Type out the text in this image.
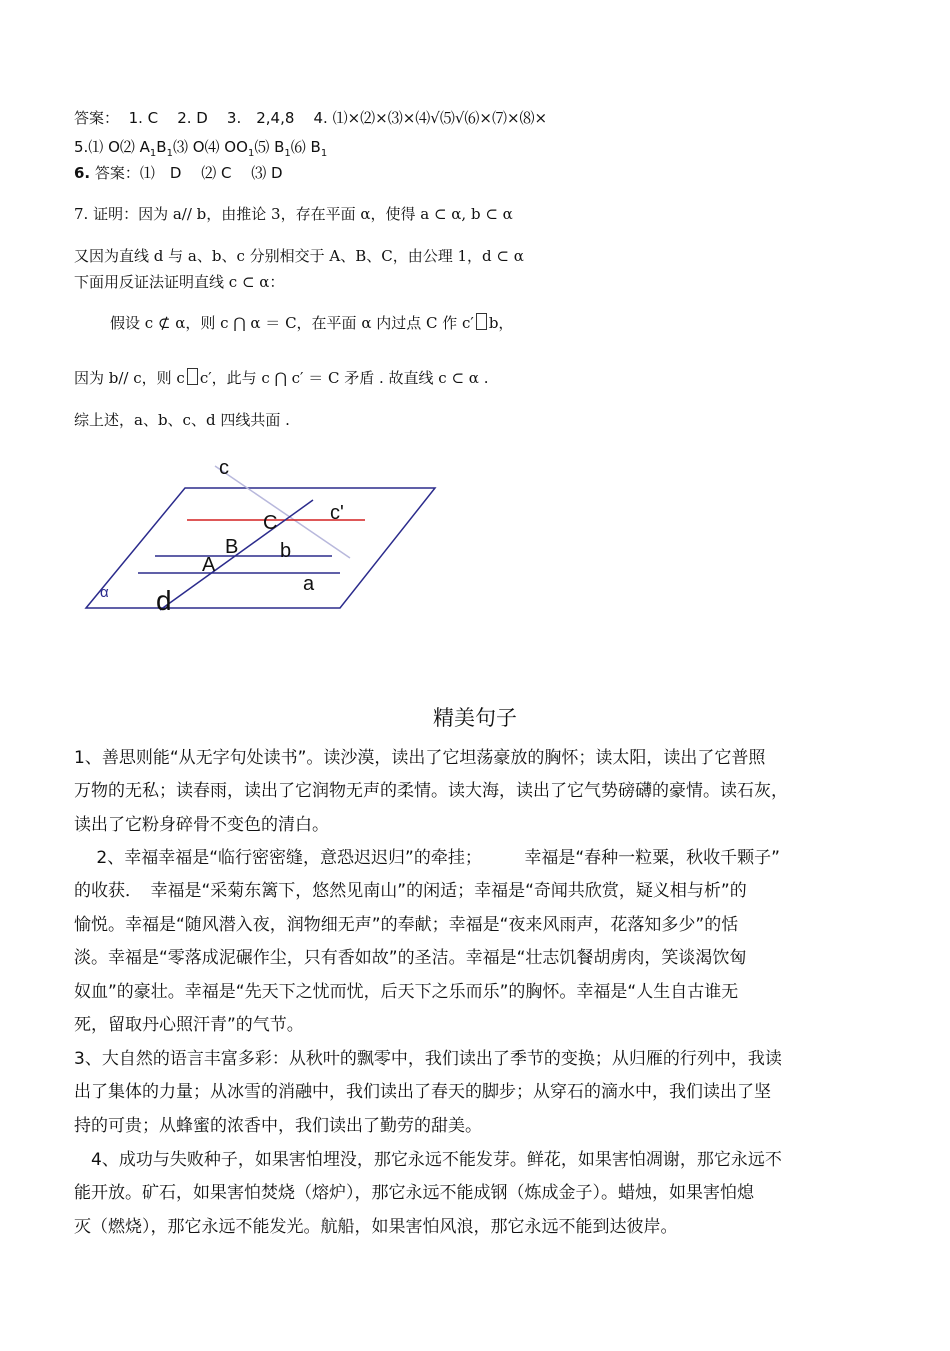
答案： 1. C 2. D 3.　2,4,8 4. ⑴×⑵×⑶×⑷√⑸√⑹×⑺×⑻×
5.⑴ O⑵ $A_1B_1⑶$ O⑷ $OO_1⑸$ $B_1⑹$ $B_1$
6. 答案：⑴　D　 ⑵ C　 ⑶ D
7. 证明：因为 a// b，由推论 3，存在平面 α，使得 a ⊂ α, b ⊂ α
又因为直线 d 与 a、b、c 分别相交于 A、B、C，由公理 1，d ⊂ α
下面用反证法证明直线 c ⊂ α：
假设 c ⊄ α，则 c ⋂ α ＝ C，在平面 α 内过点 C 作 c′ b，
因为 b// c，则 c c′，此与 c ⋂ c′ ＝ C 矛盾 . 故直线 c ⊂ α .
综上述，a、b、c、d 四线共面 .
c
c'
C
B b
A
a
α d
精美句子
1、善思则能“从无字句处读书”。读沙漠，读出了它坦荡豪放的胸怀；读太阳，读出了它普照
万物的无私；读春雨，读出了它润物无声的柔情。读大海，读出了它气势磅礴的豪情。读石灰，
读出了它粉身碎骨不变色的清白。
　 2、幸福幸福是“临行密密缝，意恐迟迟归”的牵挂；　　　幸福是“春种一粒粟，秋收千颗子”
的收获．　幸福是“采菊东篱下，悠然见南山”的闲适；幸福是“奇闻共欣赏，疑义相与析”的
愉悦。幸福是“随风潜入夜，润物细无声”的奉献；幸福是“夜来风雨声，花落知多少”的恬
淡。幸福是“零落成泥碾作尘，只有香如故”的圣洁。幸福是“壮志饥餐胡虏肉，笑谈渴饮匈
奴血”的豪壮。幸福是“先天下之忧而忧，后天下之乐而乐”的胸怀。幸福是“人生自古谁无
死，留取丹心照汗青”的气节。
3、大自然的语言丰富多彩：从秋叶的飘零中，我们读出了季节的变换；从归雁的行列中，我读
出了集体的力量；从冰雪的消融中，我们读出了春天的脚步；从穿石的滴水中，我们读出了坚
持的可贵；从蜂蜜的浓香中，我们读出了勤劳的甜美。
　4、成功与失败种子，如果害怕埋没，那它永远不能发芽。鲜花，如果害怕凋谢，那它永远不
能开放。矿石，如果害怕焚烧（熔炉），那它永远不能成钢（炼成金子）。蜡烛，如果害怕熄
灭（燃烧），那它永远不能发光。航船，如果害怕风浪，那它永远不能到达彼岸。
